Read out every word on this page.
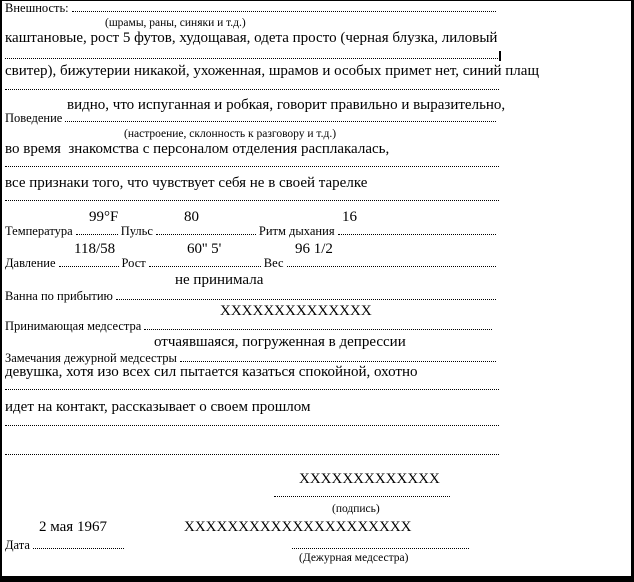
Внешность:
(шрамы, раны, синяки и т.д.)
каштановые, рост 5 футов, худощавая, одета просто (черная блузка, лиловый
свитер), бижутерии никакой, ухоженная, шрамов и особых примет нет, синий плащ
видно, что испуганная и робкая, говорит правильно и выразительно,
Поведение
(настроение, склонность к разговору и т.д.)
во время  знакомства с персоналом отделения расплакалась,
все признаки того, что чувствует себя не в своей тарелке
99°F	80	16
Температура	Пульс	Ритм дыхания
118/58	60'' 5'	96 1/2
Давление	Рост	Вес
не принимала
Ванна по прибытию
XXXXXXXXXXXXXX
Принимающая медсестра
отчаявшаяся, погруженная в депрессии
Замечания дежурной медсестры
девушка, хотя изо всех сил пытается казаться спокойной, охотно
идет на контакт, рассказывает о своем прошлом
XXXXXXXXXXXXX
(подпись)
2 мая 1967	XXXXXXXXXXXXXXXXXXXXX
Дата
(Дежурная медсестра)
